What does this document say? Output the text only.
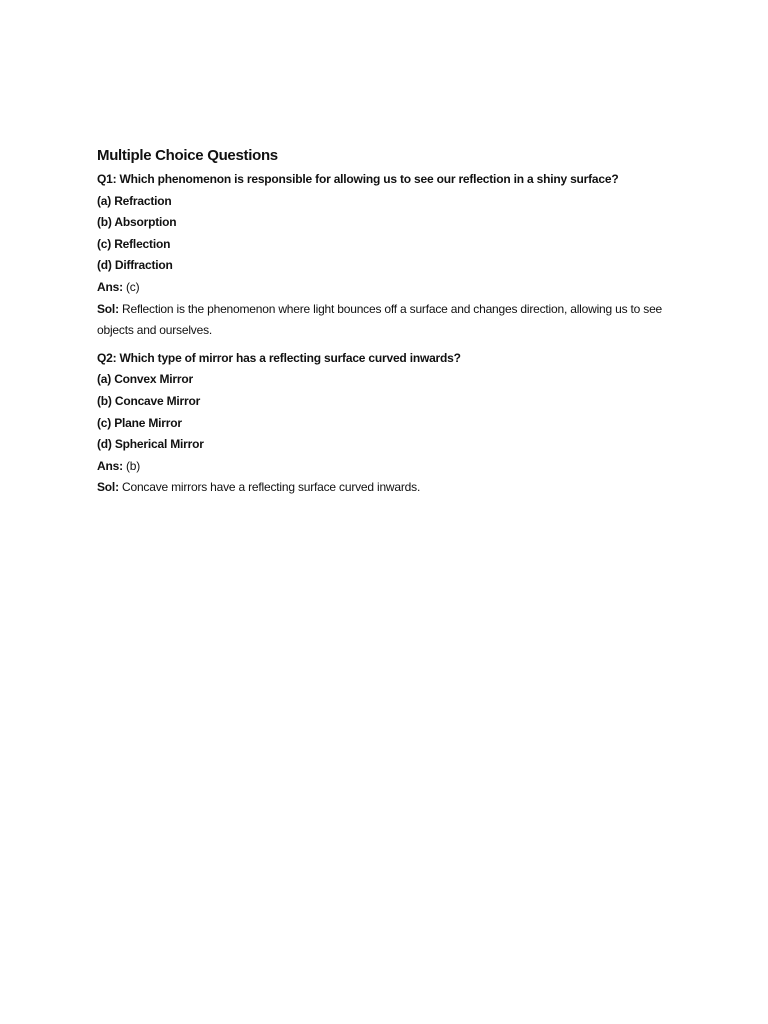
Multiple Choice Questions

Q1: Which phenomenon is responsible for allowing us to see our reflection in a shiny surface?

(a) Refraction

(b) Absorption

(c) Reflection

(d) Diffraction

Ans: (c)

Sol: Reflection is the phenomenon where light bounces off a surface and changes direction, allowing us to see objects and ourselves.

Q2: Which type of mirror has a reflecting surface curved inwards?

(a) Convex Mirror

(b) Concave Mirror

(c) Plane Mirror

(d) Spherical Mirror

Ans: (b)

Sol: Concave mirrors have a reflecting surface curved inwards.
